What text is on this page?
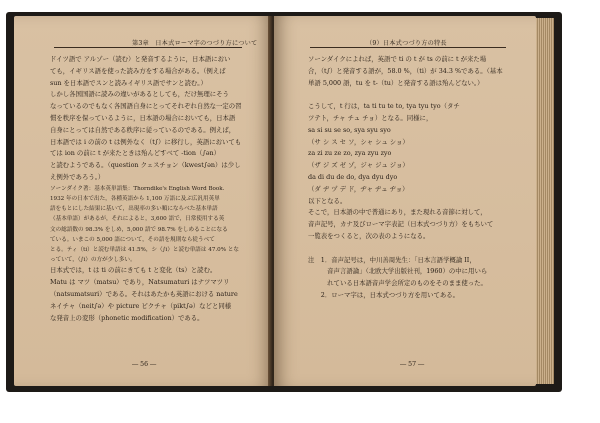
第3章　日本式ローマ字のつづり方について

ドイツ語で アルゾー（読む）と発音するように，日本語におい

ても，イギリス語を使った読み方をする場合がある。（例えば

sun を日本語でスンと読みイギリス語でサンと読む。）

しかし各国国語に読みの違いがあるとしても，だけ無理にそう

なっているのでもなく各国語自身にとってそれぞれ自然な一定の習

慣を秩序を保っているように，日本語の場合においても，日本語

自身にとっては自然である秩序に従っているのである。例えば，

日本語では i の前の t は例外なく（t∫）に移行し，英語においても

ては ion の前に t が来たときは殆んどすべて -tion（∫ən）

と読むようである。（question クェスチョン（kwest∫ən）は少し

え例外であろう。）

ソーンダイク著：基本英単語集：Thorndike's English Word Book.

1932 年の日本で出た，各種英語から 1,100 万語に及ぶ広汎用英単

語をもとにした結果に基いて，出現率の多い順にならべた基本単語

（基本単語）があるが，それによると，3,600 語で，日常使用する英

文の総語数の 98.3% をしめ，5,000 語で 98.7% をしめることになる

ている。いまこの 5,000 語について，その語を規則なら従うべて

とる。ティ（ti）と読む単語は 41.5%，シ（∫i）と読む単語は 47.0% とな

っていて，（∫i）の方が少し多い。

日本式では，t は ti の前にきても t と変化（ts）と読む。

Matu は マツ（matsu）であり，Natsumaturi はナツマツリ

（natsumatsuri）である。それはあたかも英語における nature

ネイチャ（neit∫ə）や picture ピクチャ（pikt∫ə）などと同様

な発音上の変形（phonetic modification）である。

― 56 ―
（9）日本式つづり方の特長

ソーンダイクによれば，英語で ti の t が ts の前に t が来た場

合，（t∫）と発音する語が，58.0 %，（ti）が 34.3 %である。（基本

単語 5,000 語，tu を t-（tu）と発音する語は殆んどない。）

こうして，t 行は，ta ti tu te to, tya tyu tyo（タチ

ツテト，チャ チュ チョ）となる。同様に，

sa si su se so, sya syu syo

（サ シ ス セ ソ，シャ シュ ショ）

za zi zu ze zo, zya zyu zyo

（ザ ジ ズ ゼ ゾ，ジャ ジュ ジョ）

da di du de do, dya dyu dyo

（ダ ヂ ヅ デ ド，ヂャ ヂュ ヂョ）

以下となる。

そこで，日本語の中で普通にあり，また現れる音節に対して，

音声記号，カナ及びローマ字表記（日本式つづり方）をもちいて

一覧表をつくると，次の表のようになる。

注　1．音声記号は，中川善周先生：「日本言語学概論 II，

　　　音声言語論」（北欧大学出版社刊，1960）の中に用いら

　　　れている日本語音声学会所定のものをそのまま使った。

　　2．ローマ字は，日本式つづり方を用いてある。

― 57 ―
